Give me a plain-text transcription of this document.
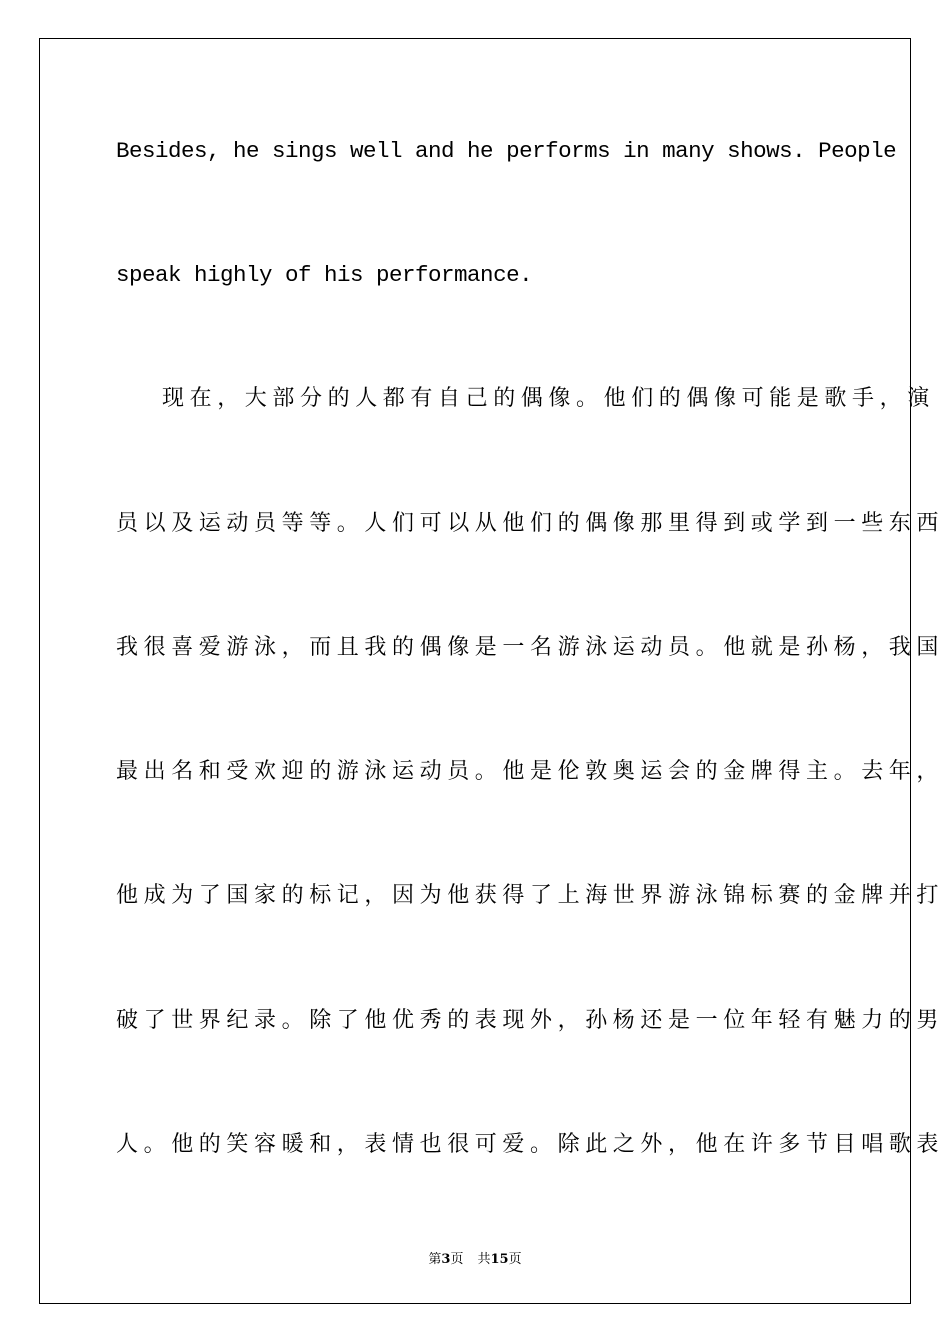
Besides, he sings well and he performs in many shows. People
speak highly of his performance.
现在，大部分的人都有自己的偶像。他们的偶像可能是歌手，演
员以及运动员等等。人们可以从他们的偶像那里得到或学到一些东西
我很喜爱游泳，而且我的偶像是一名游泳运动员。他就是孙杨，我国
最出名和受欢迎的游泳运动员。他是伦敦奥运会的金牌得主。去年，
他成为了国家的标记，因为他获得了上海世界游泳锦标赛的金牌并打
破了世界纪录。除了他优秀的表现外，孙杨还是一位年轻有魅力的男
人。他的笑容暖和，表情也很可爱。除此之外，他在许多节目唱歌表
第3页 共15页
